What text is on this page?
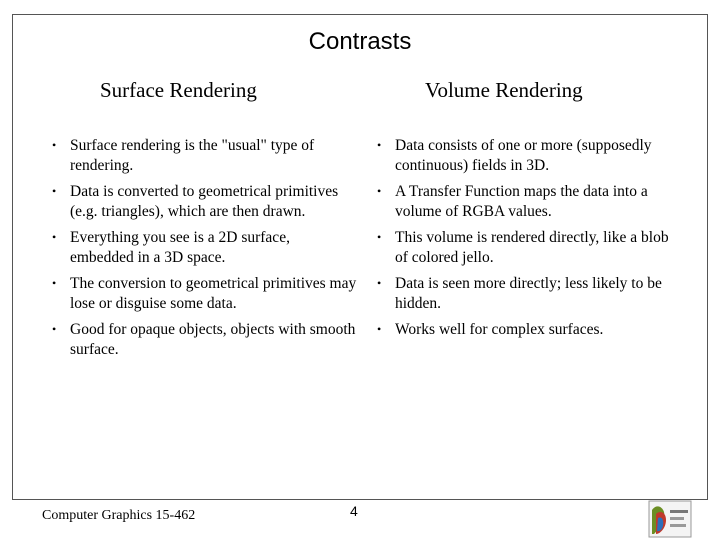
Contrasts
Surface Rendering	Volume Rendering
• Surface rendering is the "usual" type of rendering.
• Data is converted to geometrical primitives (e.g. triangles), which are then drawn.
• Everything you see is a 2D surface, embedded in a 3D space.
• The conversion to geometrical primitives may lose or disguise some data.
• Good for opaque objects, objects with smooth surface.
• Data consists of one or more (supposedly continuous) fields in 3D.
• A Transfer Function maps the data into a volume of RGBA values.
• This volume is rendered directly, like a blob of colored jello.
• Data is seen more directly; less likely to be hidden.
• Works well for complex surfaces.
Computer Graphics 15-462	4
